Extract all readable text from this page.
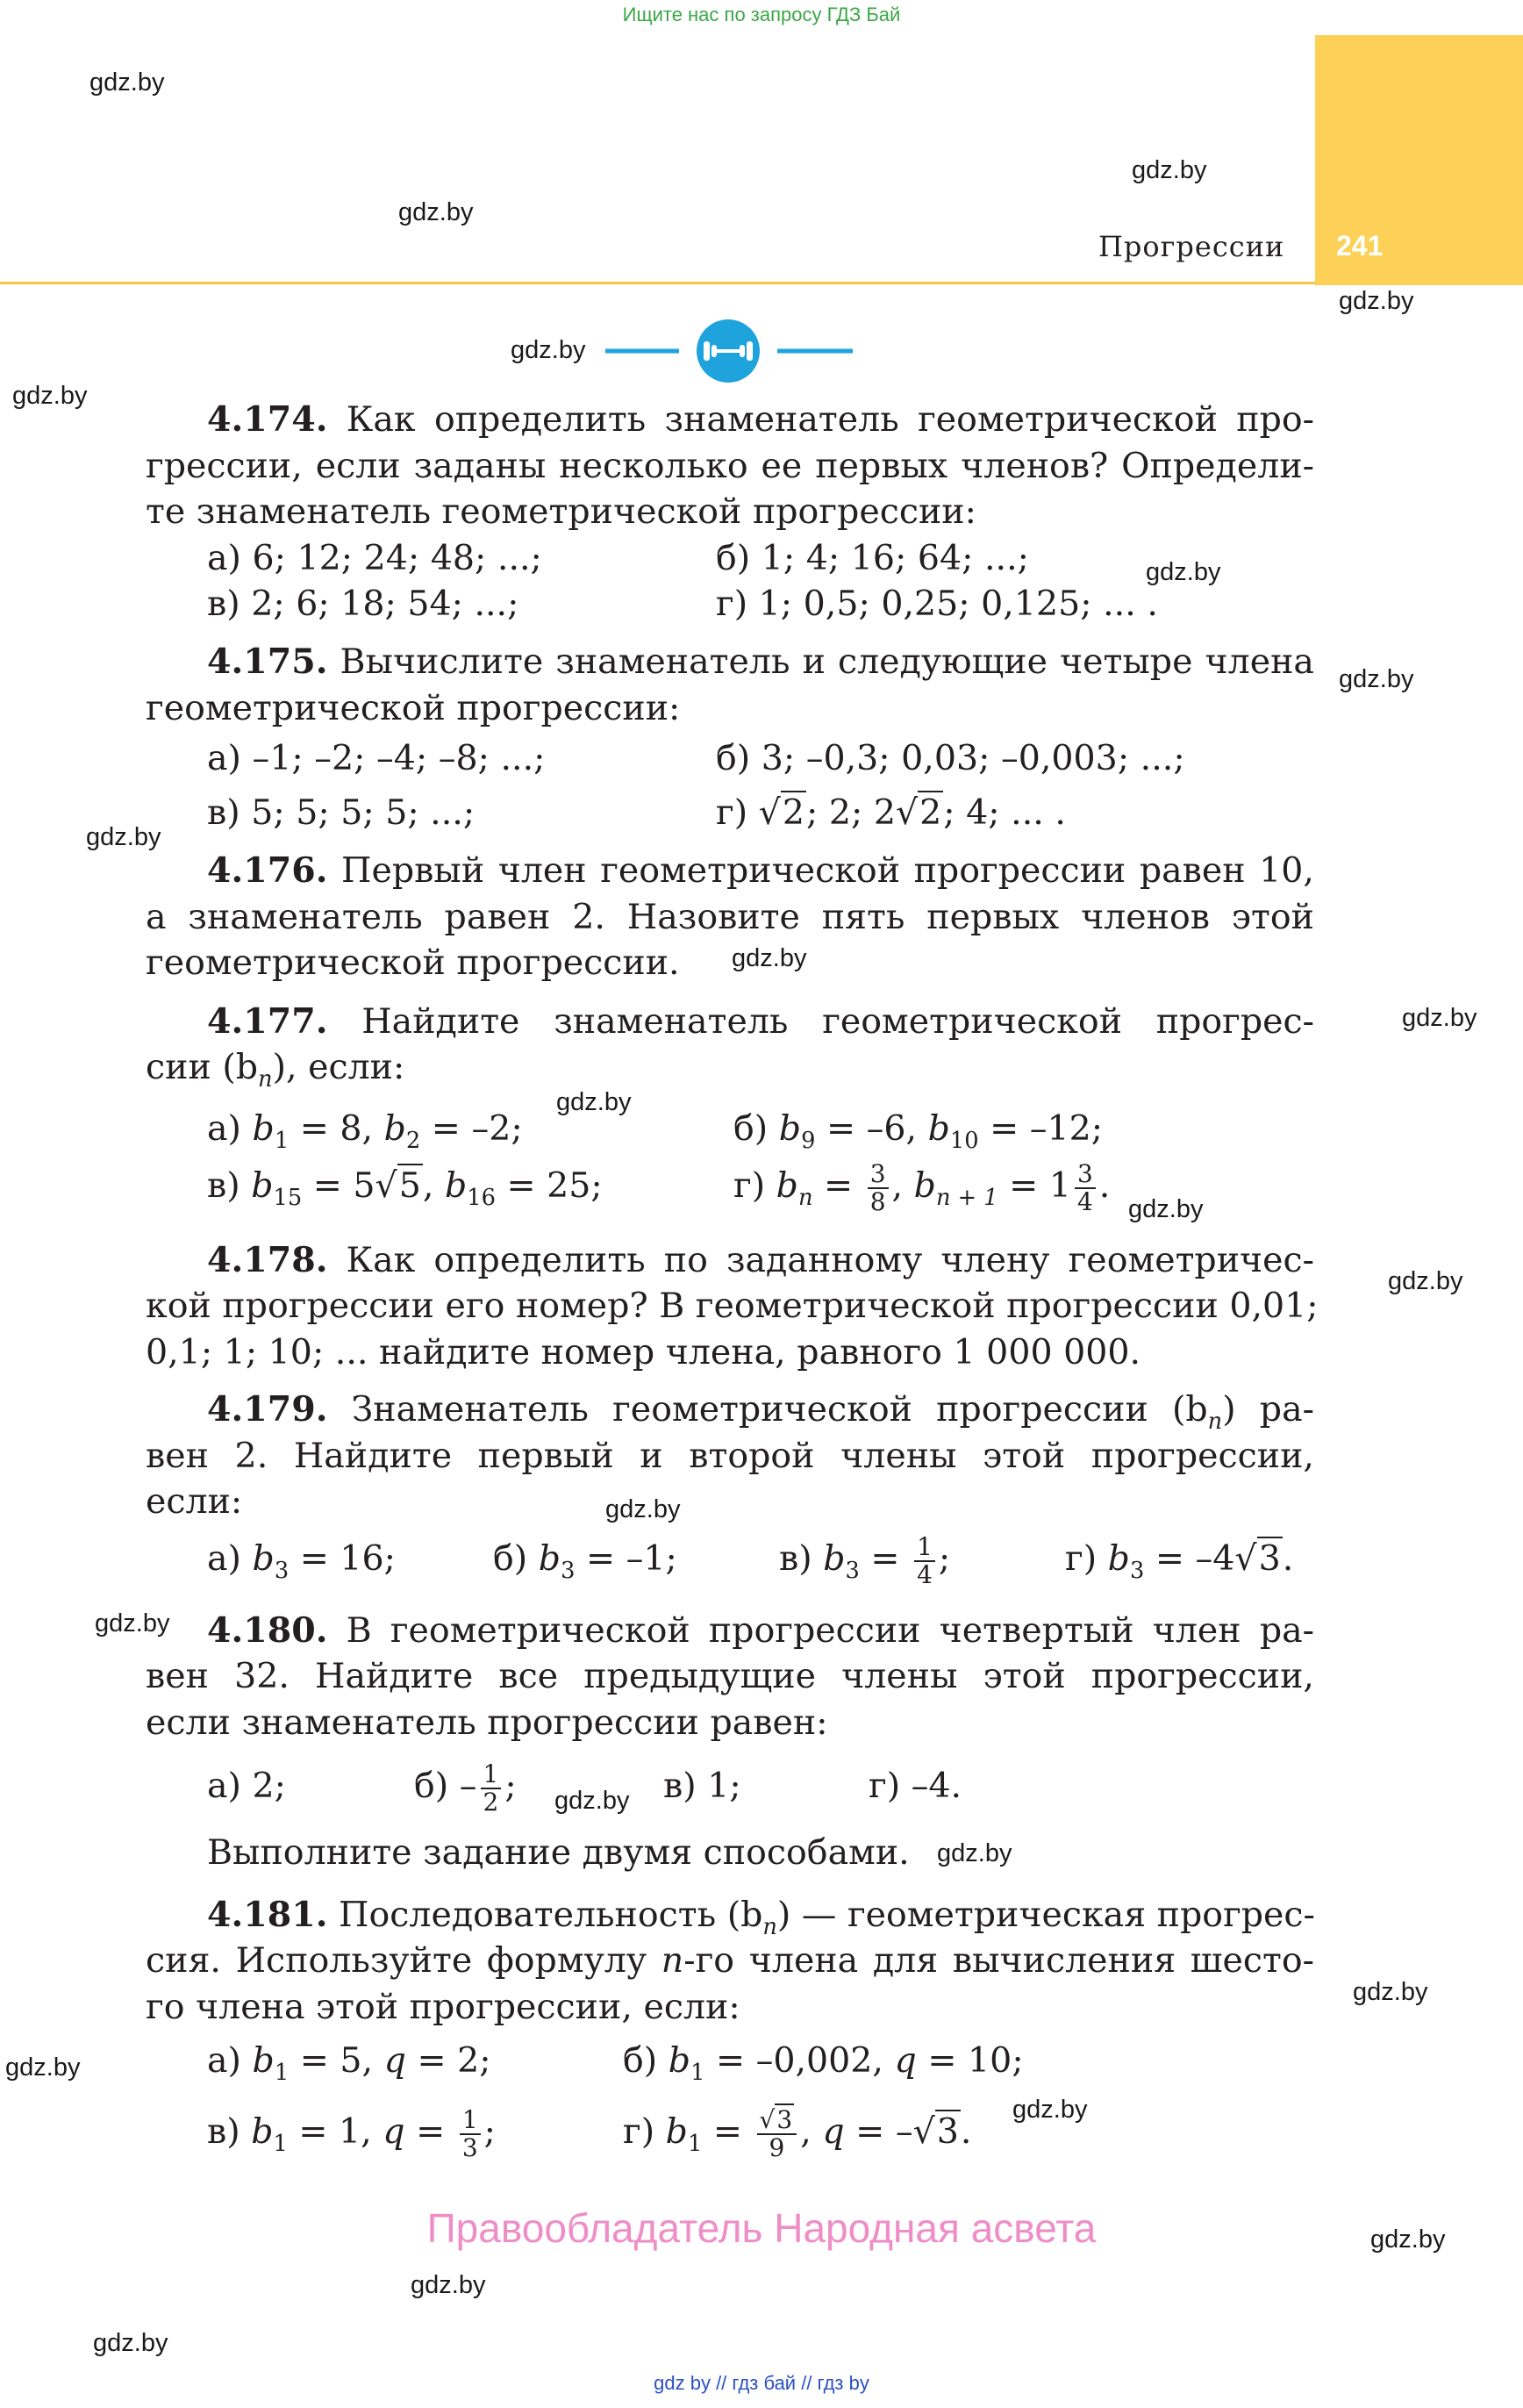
Ищите нас по запросу ГДЗ Бай
Прогрессии 241
4.174. Как определить знаменатель геометрической про-
грессии, если заданы несколько ее первых членов? Определи-
те знаменатель геометрической прогрессии:
а) 6; 12; 24; 48; ...;	б) 1; 4; 16; 64; ...;
в) 2; 6; 18; 54; ...;	г) 1; 0,5; 0,25; 0,125; ... .
4.175. Вычислите знаменатель и следующие четыре члена
геометрической прогрессии:
а) –1; –2; –4; –8; ...;	б) 3; –0,3; 0,03; –0,003; ...;
в) 5; 5; 5; 5; ...;	г) √2; 2; 2√2; 4; ... .
4.176. Первый член геометрической прогрессии равен 10,
а знаменатель равен 2. Назовите пять первых членов этой
геометрической прогрессии.
4.177. Найдите знаменатель геометрической прогрес-
сии $(b_n)$, если:
а) $b_1 = 8$, $b_2 = -2$;	б) $b_9 = -6$, $b_{10} = -12$;
в) $b_{15} = 5√5$, $b_{16} = 25$;	г) $b_n = \frac{3}{8}$ , $b_{n + 1} = 1 \frac{3}{4}$ .
4.178. Как определить по заданному члену геометричес-
кой прогрессии его номер? В геометрической прогрессии 0,01;
0,1; 1; 10; ... найдите номер члена, равного 1 000 000.
4.179. Знаменатель геометрической прогрессии $(b_n)$ ра-
вен 2. Найдите первый и второй члены этой прогрессии,
если:
а) $b_3 = 16$;	б) $b_3 = -1$;	в) $b_3 = \frac{1}{4}$ ;	г) $b_3 = -4√3$.
4.180. В геометрической прогрессии четвертый член ра-
вен 32. Найдите все предыдущие члены этой прогрессии,
если знаменатель прогрессии равен:
а) 2;	$б) - \frac{1}{2}$ ;	в) 1;	г) –4.
Выполните задание двумя способами.
4.181. Последовательность $(b_n)$ — геометрическая прогрес-
сия. Используйте формулу n-го члена для вычисления шесто-
го члена этой прогрессии, если:
а) $b_1 = 5$, q = 2;	б) $b_1 = -0,002$, q = 10;
в) $b_1 = 1$, $q = \frac{1}{3}$ ;	г) $b_1 = \frac{√3}{9}$ , q = –√3.
Правообладатель Народная асвета
gdz by // гдз бай // гдз by
gdz.by
gdz.by
gdz.by
gdz.by
gdz.by
gdz.by
gdz.by
gdz.by
gdz.by
gdz.by
gdz.by
gdz.by
gdz.by
gdz.by
gdz.by
gdz.by
gdz.by
gdz.by
gdz.by
gdz.by
gdz.by
gdz.by
gdz.by
gdz.by
